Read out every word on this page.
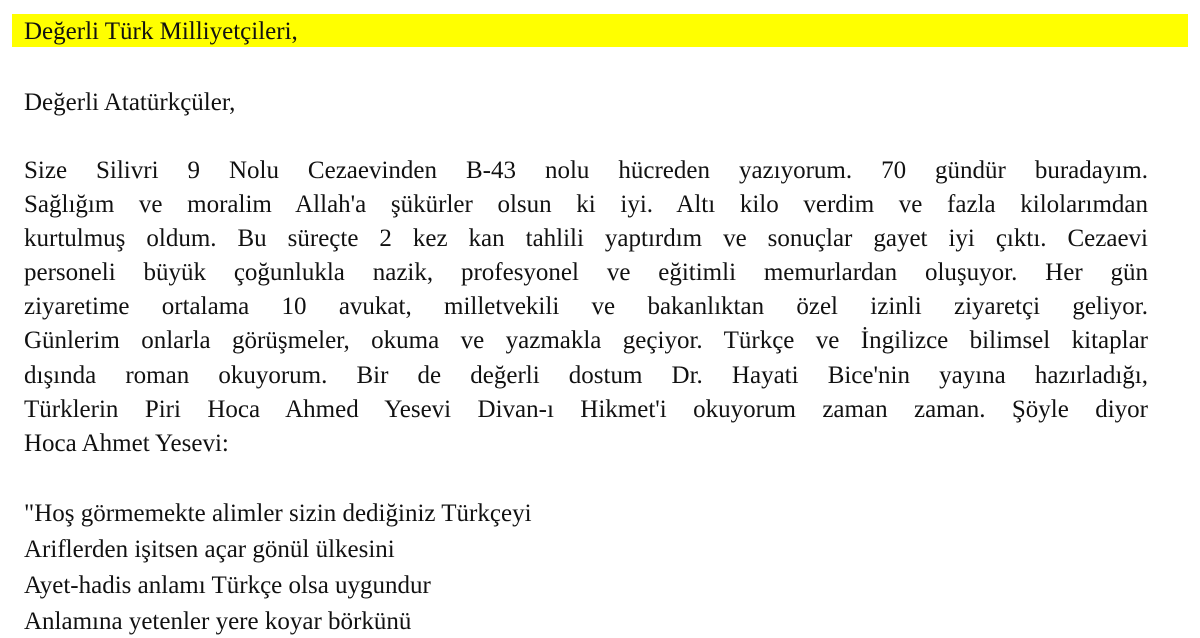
Değerli Türk Milliyetçileri,
Değerli Atatürkçüler,
Size Silivri 9 Nolu Cezaevinden B-43 nolu hücreden yazıyorum. 70 gündür buradayım.
Sağlığım ve moralim Allah'a şükürler olsun ki iyi. Altı kilo verdim ve fazla kilolarımdan
kurtulmuş oldum. Bu süreçte 2 kez kan tahlili yaptırdım ve sonuçlar gayet iyi çıktı. Cezaevi
personeli büyük çoğunlukla nazik, profesyonel ve eğitimli memurlardan oluşuyor. Her gün
ziyaretime ortalama 10 avukat, milletvekili ve bakanlıktan özel izinli ziyaretçi geliyor.
Günlerim onlarla görüşmeler, okuma ve yazmakla geçiyor. Türkçe ve İngilizce bilimsel kitaplar
dışında roman okuyorum. Bir de değerli dostum Dr. Hayati Bice'nin yayına hazırladığı,
Türklerin Piri Hoca Ahmed Yesevi Divan-ı Hikmet'i okuyorum zaman zaman. Şöyle diyor
Hoca Ahmet Yesevi:
"Hoş görmemekte alimler sizin dediğiniz Türkçeyi
Ariflerden işitsen açar gönül ülkesini
Ayet-hadis anlamı Türkçe olsa uygundur
Anlamına yetenler yere koyar börkünü
